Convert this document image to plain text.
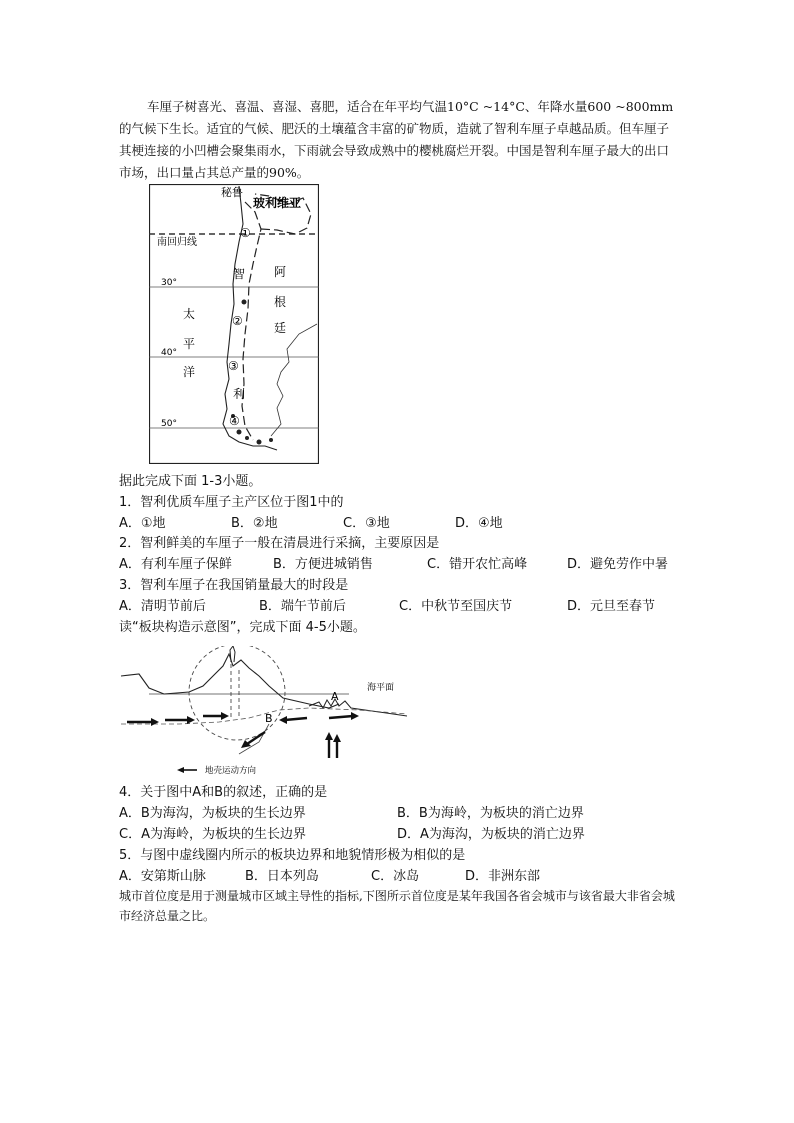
车厘子树喜光、喜温、喜湿、喜肥，适合在年平均气温10°C ~14°C、年降水量600 ~800mm的气候下生长。适宜的气候、肥沃的土壤蕴含丰富的矿物质，造就了智利车厘子卓越品质。但车厘子其梗连接的小凹槽会聚集雨水，下雨就会导致成熟中的樱桃腐烂开裂。中国是智利车厘子最大的出口市场，出口量占其总产量的90%。

秘鲁
玻利维亚
南回归线
阿
根
廷
智
利
太
平
洋
30°
40°
50°
①
②
③
④
据此完成下面 1-3小题。
1．智利优质车厘子主产区位于图1中的
A．①地	B．②地	C．③地	D．④地
2．智利鲜美的车厘子一般在清晨进行采摘，主要原因是
A．有利车厘子保鲜	B．方便进城销售	C．错开农忙高峰	D．避免劳作中暑
3．智利车厘子在我国销量最大的时段是
A．清明节前后	B．端午节前后	C．中秋节至国庆节	D．元旦至春节
读“板块构造示意图”，完成下面 4-5小题。
海平面
A
B
地壳运动方向
4．关于图中A和B的叙述，正确的是
A．B为海沟，为板块的生长边界	B．B为海岭，为板块的消亡边界
C．A为海岭，为板块的生长边界	D．A为海沟，为板块的消亡边界
5．与图中虚线圈内所示的板块边界和地貌情形极为相似的是
A．安第斯山脉	B．日本列岛	C．冰岛	D．非洲东部

城市首位度是用于测量城市区域主导性的指标,下图所示首位度是某年我国各省会城市与该省最大非省会城市经济总量之比。
